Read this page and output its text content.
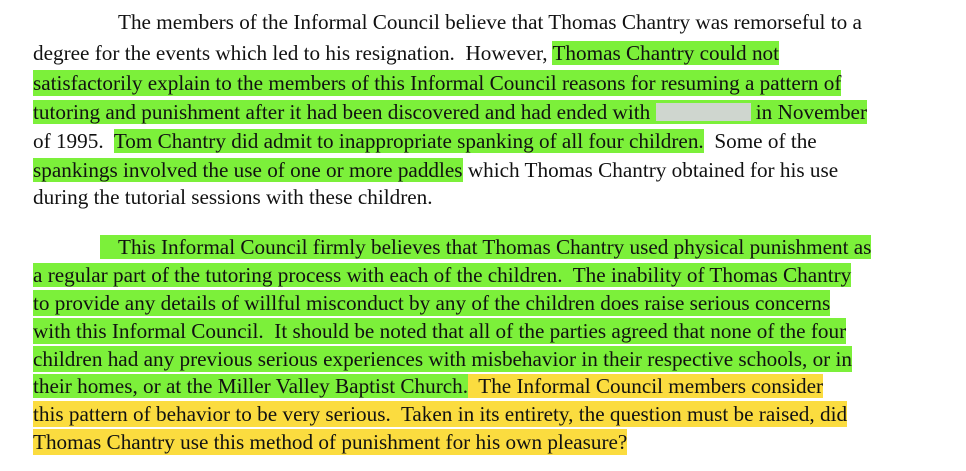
The members of the Informal Council believe that Thomas Chantry was remorseful to a
degree for the events which led to his resignation.  However, Thomas Chantry could not
satisfactorily explain to the members of this Informal Council reasons for resuming a pattern of
tutoring and punishment after it had been discovered and had ended with	in November
of 1995.  Tom Chantry did admit to inappropriate spanking of all four children.  Some of the
spankings involved the use of one or more paddles which Thomas Chantry obtained for his use
during the tutorial sessions with these children.
This Informal Council firmly believes that Thomas Chantry used physical punishment as
a regular part of the tutoring process with each of the children.  The inability of Thomas Chantry
to provide any details of willful misconduct by any of the children does raise serious concerns
with this Informal Council.  It should be noted that all of the parties agreed that none of the four
children had any previous serious experiences with misbehavior in their respective schools, or in
their homes, or at the Miller Valley Baptist Church.  The Informal Council members consider
this pattern of behavior to be very serious.  Taken in its entirety, the question must be raised, did
Thomas Chantry use this method of punishment for his own pleasure?
